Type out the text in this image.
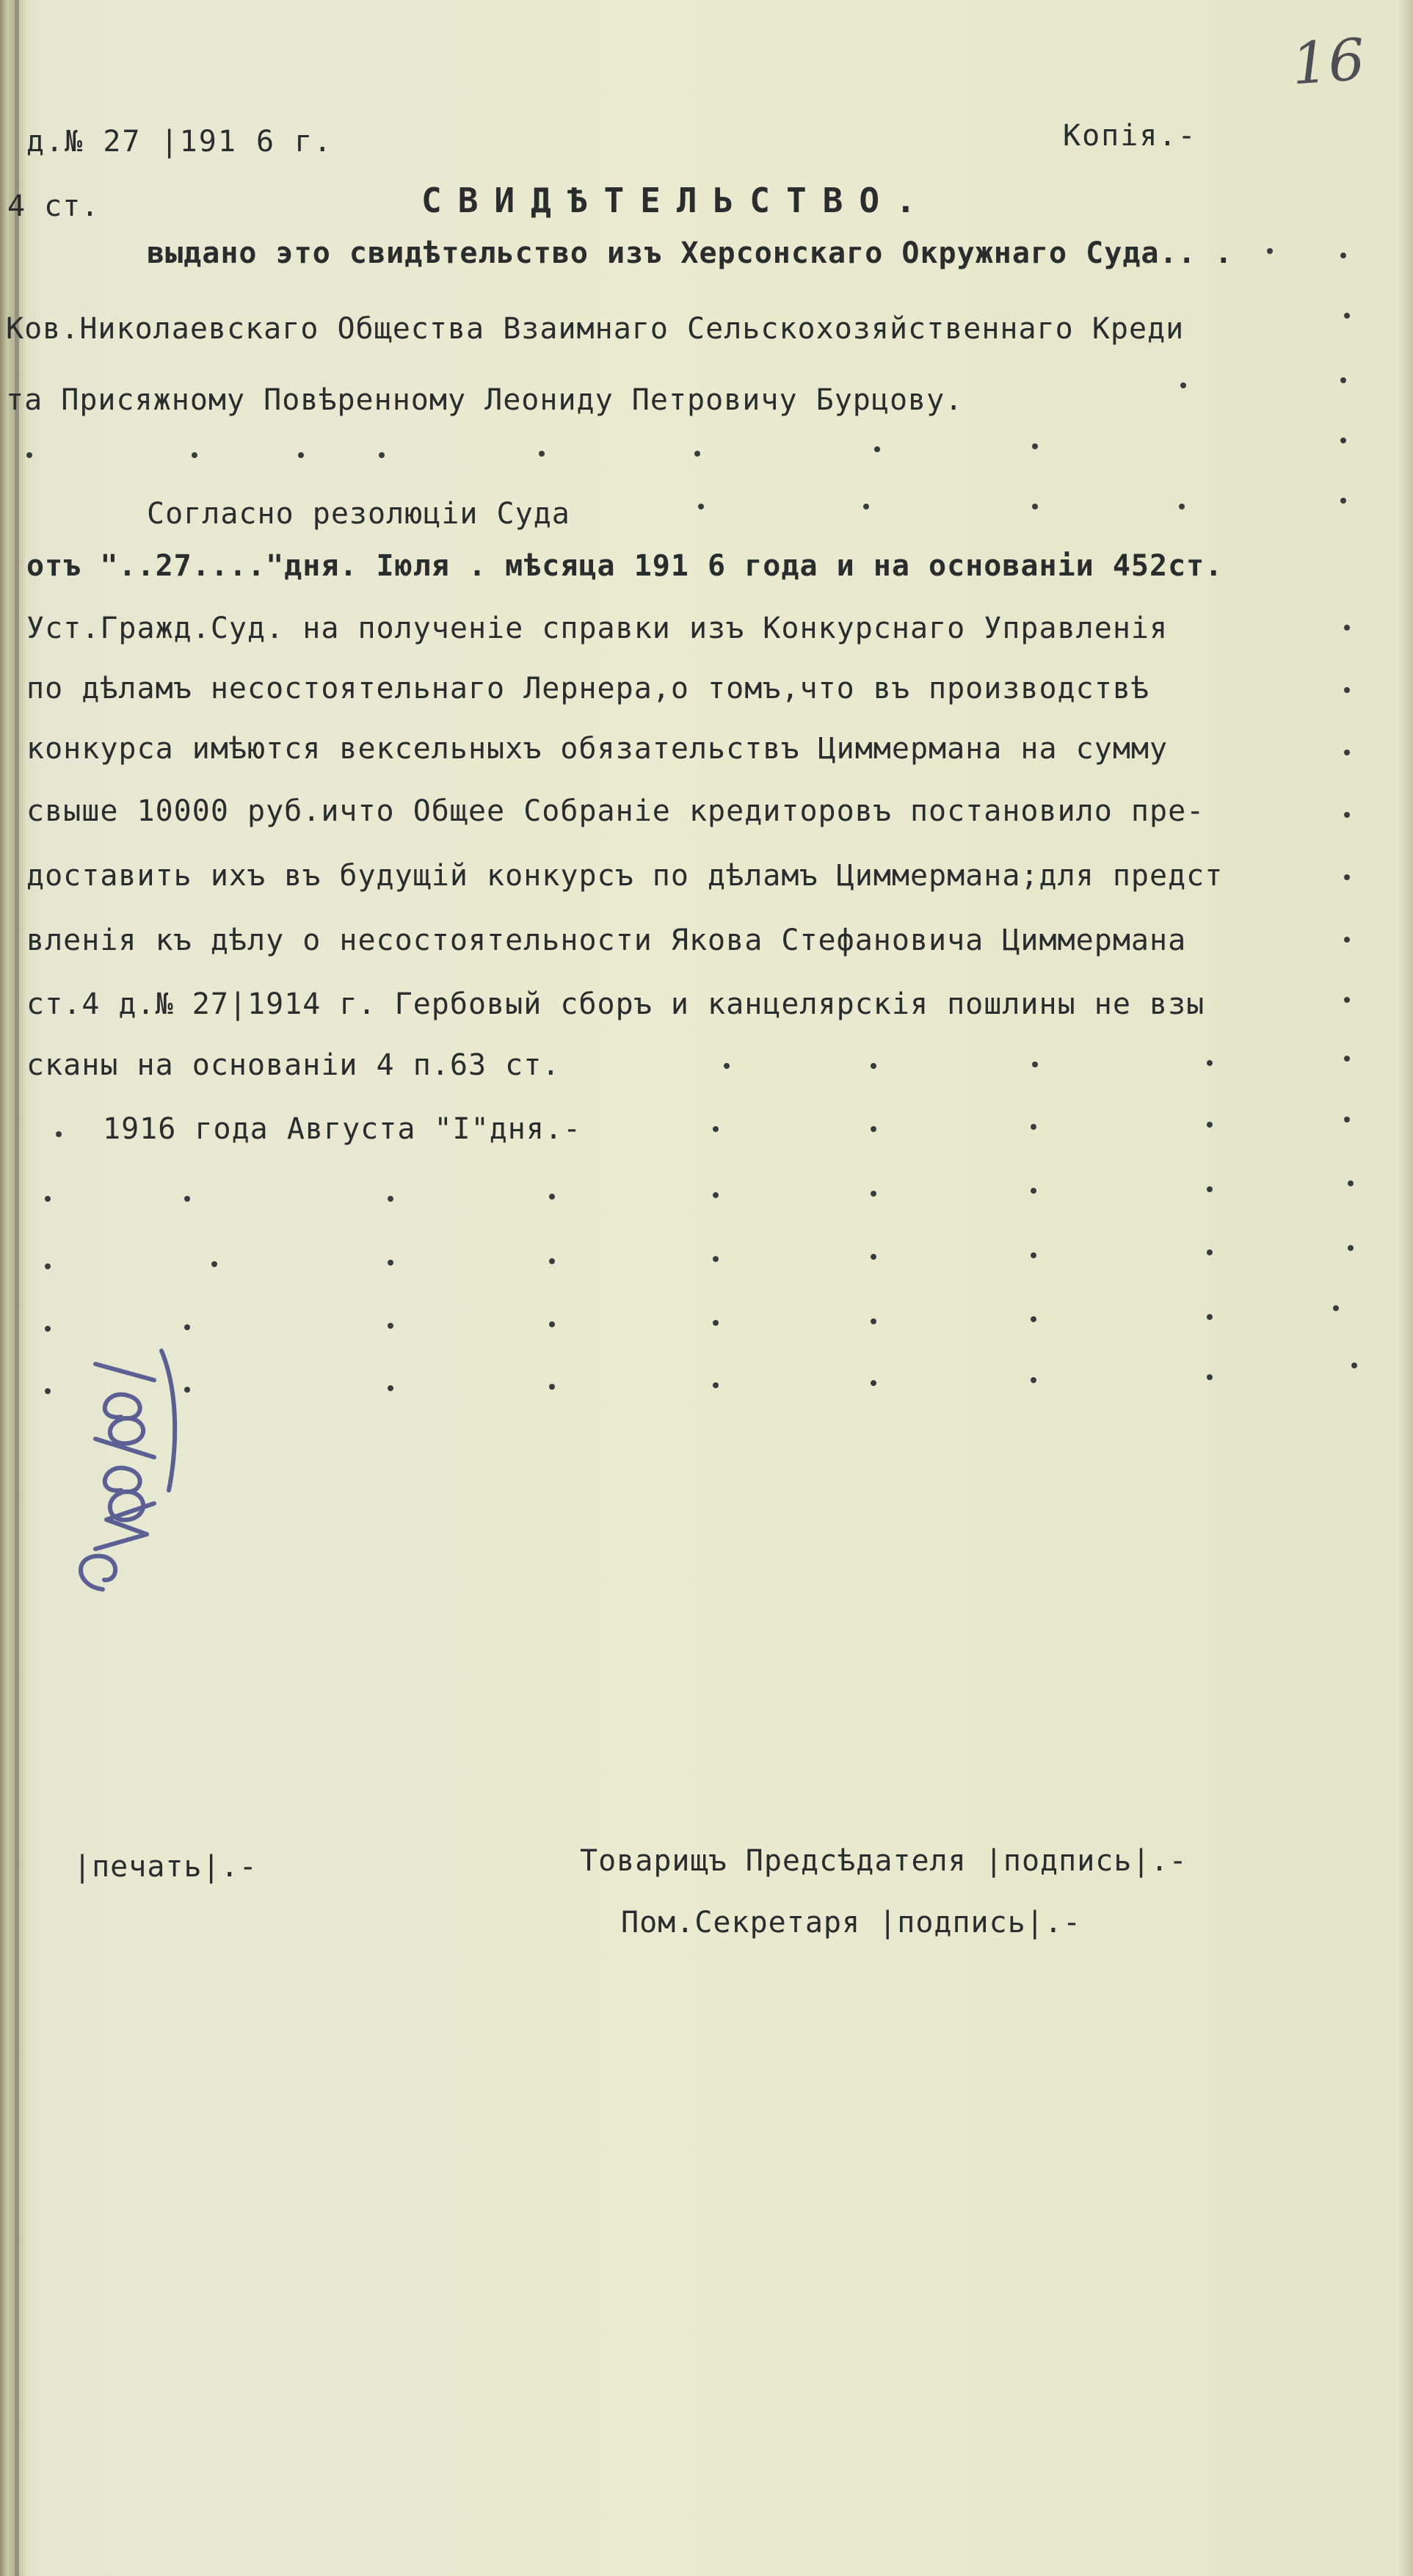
16
д.№ 27 |191 6 г.	Копія.-
4 ст.	СВИДѢТЕЛЬСТВО.
выдано это свидѣтельство изъ Херсонскаго Окружнаго Суда.. .
Ков.Николаевскаго Общества Взаимнаго Сельскохозяйственнаго Креди
та Присяжному Повѣренному Леониду Петровичу Бурцову.
Согласно резолюціи Суда
отъ "..27...."дня. Іюля . мѣсяца 191 6 года и на основаніи 452ст.
Уст.Гражд.Суд. на полученіе справки изъ Конкурснаго Управленія
по дѣламъ несостоятельнаго Лернера,о томъ,что въ производствѣ
конкурса имѣются вексельныхъ обязательствъ Циммермана на сумму
свыше 10000 руб.ичто Общее Собраніе кредиторовъ постановило пре-
доставить ихъ въ будущій конкурсъ по дѣламъ Циммермана;для предст
вленія къ дѣлу о несостоятельности Якова Стефановича Циммермана
ст.4 д.№ 27|1914 г. Гербовый сборъ и канцелярскія пошлины не взы
сканы на основаніи 4 п.63 ст.
1916 года Августа "I"дня.-
|печать|.-	Товарищъ Предсѣдателя |подпись|.-
Пом.Секретаря |подпись|.-
